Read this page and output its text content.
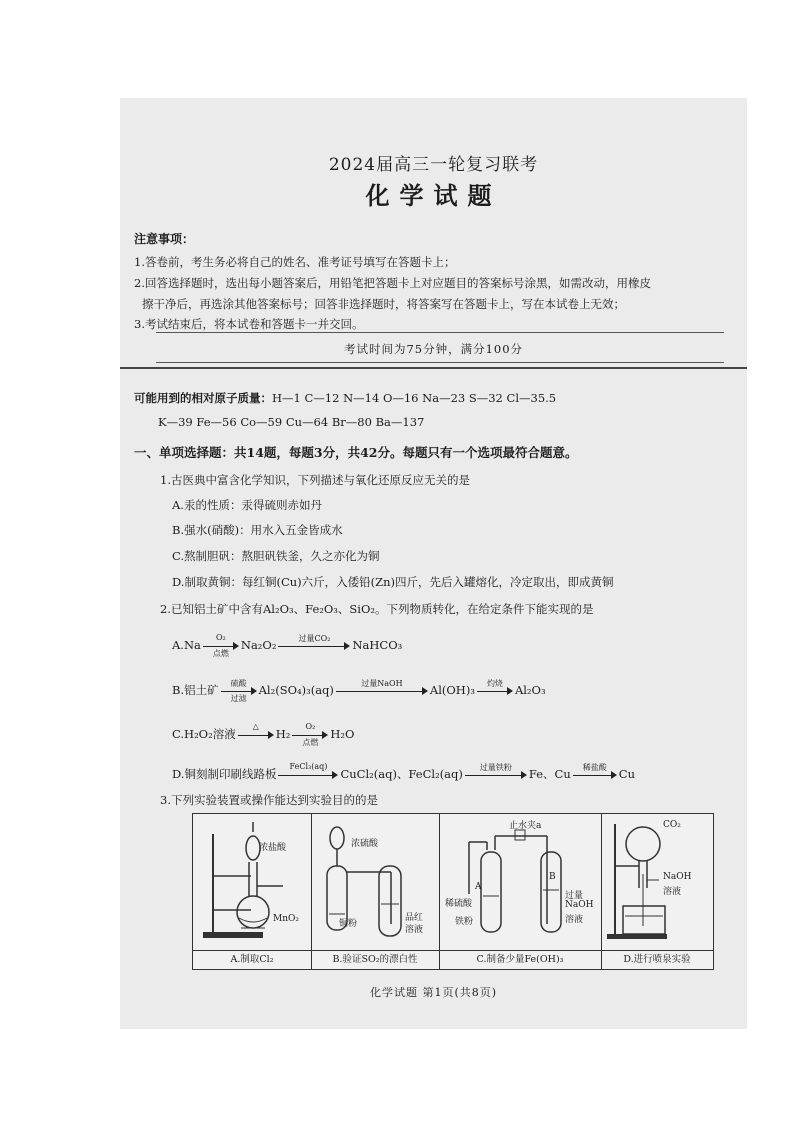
2024届高三一轮复习联考
化学试题
注意事项：
1.答卷前，考生务必将自己的姓名、准考证号填写在答题卡上；
2.回答选择题时，选出每小题答案后，用铅笔把答题卡上对应题目的答案标号涂黑，如需改动，用橡皮
擦干净后，再选涂其他答案标号；回答非选择题时，将答案写在答题卡上，写在本试卷上无效；
3.考试结束后，将本试卷和答题卡一并交回。
考试时间为75分钟，满分100分
可能用到的相对原子质量：H—1 C—12 N—14 O—16 Na—23 S—32 Cl—35.5
K—39 Fe—56 Co—59 Cu—64 Br—80 Ba—137
一、单项选择题：共14题，每题3分，共42分。每题只有一个选项最符合题意。
1.古医典中富含化学知识，下列描述与氧化还原反应无关的是
A.汞的性质：汞得硫则赤如丹
B.强水(硝酸)：用水入五金皆成水
C.熬制胆矾：熬胆矾铁釜，久之亦化为铜
D.制取黄铜：每红铜(Cu)六斤，入倭铅(Zn)四斤，先后入罐熔化，冷定取出，即成黄铜
2.已知铝土矿中含有Al₂O₃、Fe₂O₃、SiO₂。下列物质转化，在给定条件下能实现的是
A.Na
O₂
点燃
Na₂O₂	过量CO₂	NaHCO₃
B.铝土矿	硫酸
过滤
Al₂(SO₄)₃(aq)	过量NaOH	Al(OH)₃	灼烧	Al₂O₃
C.H₂O₂溶液
△
H₂
O₂
点燃
H₂O
D.铜刻制印刷线路板
FeCl₃(aq)
CuCl₂(aq)、FeCl₂(aq)	过量铁粉	Fe、Cu	稀盐酸	Cu
3.下列实验装置或操作能达到实验目的的是
浓盐酸
MnO₂
A.制取Cl₂
浓硫酸
铜粉
品红
溶液
B.验证SO₂的漂白性
止水夹a
A
B
稀硫酸
铁粉
过量
NaOH
溶液
C.制备少量Fe(OH)₃
CO₂
NaOH
溶液
D.进行喷泉实验
化学试题 第1页(共8页)
